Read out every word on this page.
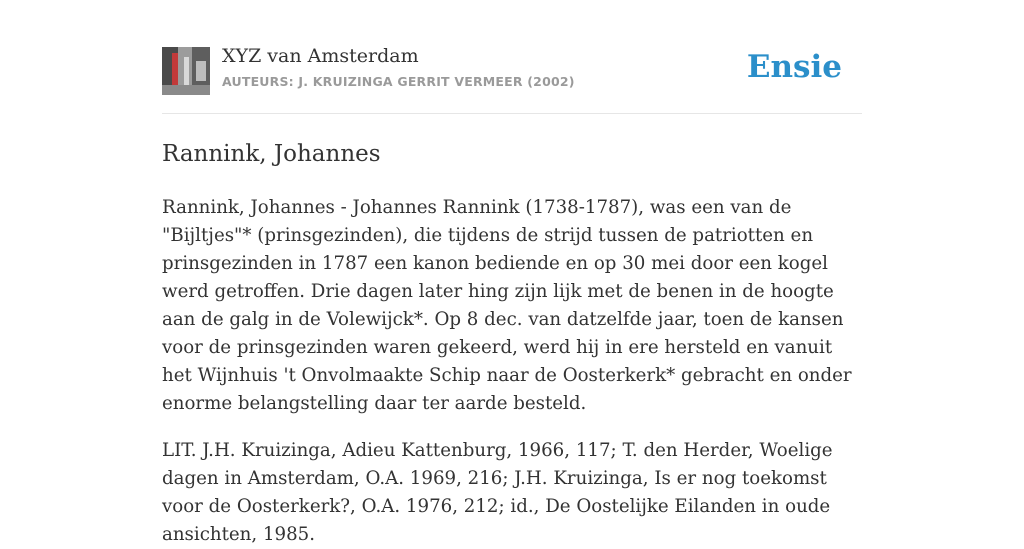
XYZ van Amsterdam
AUTEURS: J. KRUIZINGA GERRIT VERMEER (2002)	Ensie
Rannink, Johannes

Rannink, Johannes - Johannes Rannink (1738-1787), was een van de "Bijltjes"* (prinsgezinden), die tijdens de strijd tussen de patriotten en prinsgezinden in 1787 een kanon bediende en op 30 mei door een kogel werd getroffen. Drie dagen later hing zijn lijk met de benen in de hoogte aan de galg in de Volewijck*. Op 8 dec. van datzelfde jaar, toen de kansen voor de prinsgezinden waren gekeerd, werd hij in ere hersteld en vanuit het Wijnhuis 't Onvolmaakte Schip naar de Oosterkerk* gebracht en onder enorme belangstelling daar ter aarde besteld.

LIT. J.H. Kruizinga, Adieu Kattenburg, 1966, 117; T. den Herder, Woelige dagen in Amsterdam, O.A. 1969, 216; J.H. Kruizinga, Is er nog toekomst voor de Oosterkerk?, O.A. 1976, 212; id., De Oostelijke Eilanden in oude ansichten, 1985.
